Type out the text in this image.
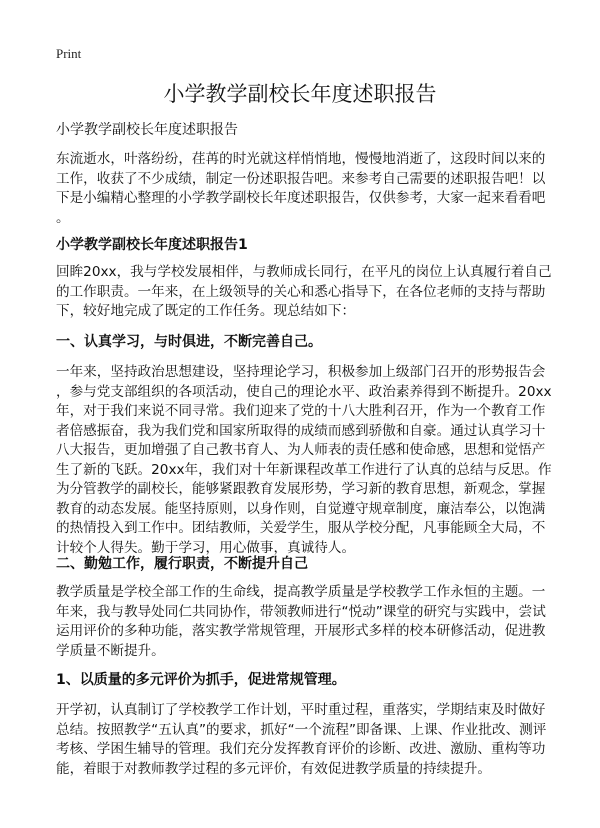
Print
小学教学副校长年度述职报告
小学教学副校长年度述职报告
东流逝水，叶落纷纷，荏苒的时光就这样悄悄地，慢慢地消逝了，这段时间以来的
工作，收获了不少成绩，制定一份述职报告吧。来参考自己需要的述职报告吧！以
下是小编精心整理的小学教学副校长年度述职报告，仅供参考，大家一起来看看吧
。
小学教学副校长年度述职报告1
回眸20xx，我与学校发展相伴，与教师成长同行，在平凡的岗位上认真履行着自己
的工作职责。一年来，在上级领导的关心和悉心指导下，在各位老师的支持与帮助
下，较好地完成了既定的工作任务。现总结如下：
一、认真学习，与时俱进，不断完善自己。
一年来，坚持政治思想建设，坚持理论学习，积极参加上级部门召开的形势报告会
，参与党支部组织的各项活动，使自己的理论水平、政治素养得到不断提升。20xx
年，对于我们来说不同寻常。我们迎来了党的十八大胜利召开，作为一个教育工作
者倍感振奋，我为我们党和国家所取得的成绩而感到骄傲和自豪。通过认真学习十
八大报告，更加增强了自己教书育人、为人师表的责任感和使命感，思想和觉悟产
生了新的飞跃。20xx年，我们对十年新课程改革工作进行了认真的总结与反思。作
为分管教学的副校长，能够紧跟教育发展形势，学习新的教育思想，新观念，掌握
教育的动态发展。能坚持原则，以身作则，自觉遵守规章制度，廉洁奉公，以饱满
的热情投入到工作中。团结教师，关爱学生，服从学校分配，凡事能顾全大局，不
计较个人得失。勤于学习，用心做事，真诚待人。
二、勤勉工作，履行职责，不断提升自己
教学质量是学校全部工作的生命线，提高教学质量是学校教学工作永恒的主题。一
年来，我与教导处同仁共同协作，带领教师进行“悦动”课堂的研究与实践中，尝试
运用评价的多种功能，落实教学常规管理，开展形式多样的校本研修活动，促进教
学质量不断提升。
1、以质量的多元评价为抓手，促进常规管理。
开学初，认真制订了学校教学工作计划，平时重过程，重落实，学期结束及时做好
总结。按照教学“五认真”的要求，抓好“一个流程”即备课、上课、作业批改、测评
考核、学困生辅导的管理。我们充分发挥教育评价的诊断、改进、激励、重构等功
能，着眼于对教师教学过程的多元评价，有效促进教学质量的持续提升。
